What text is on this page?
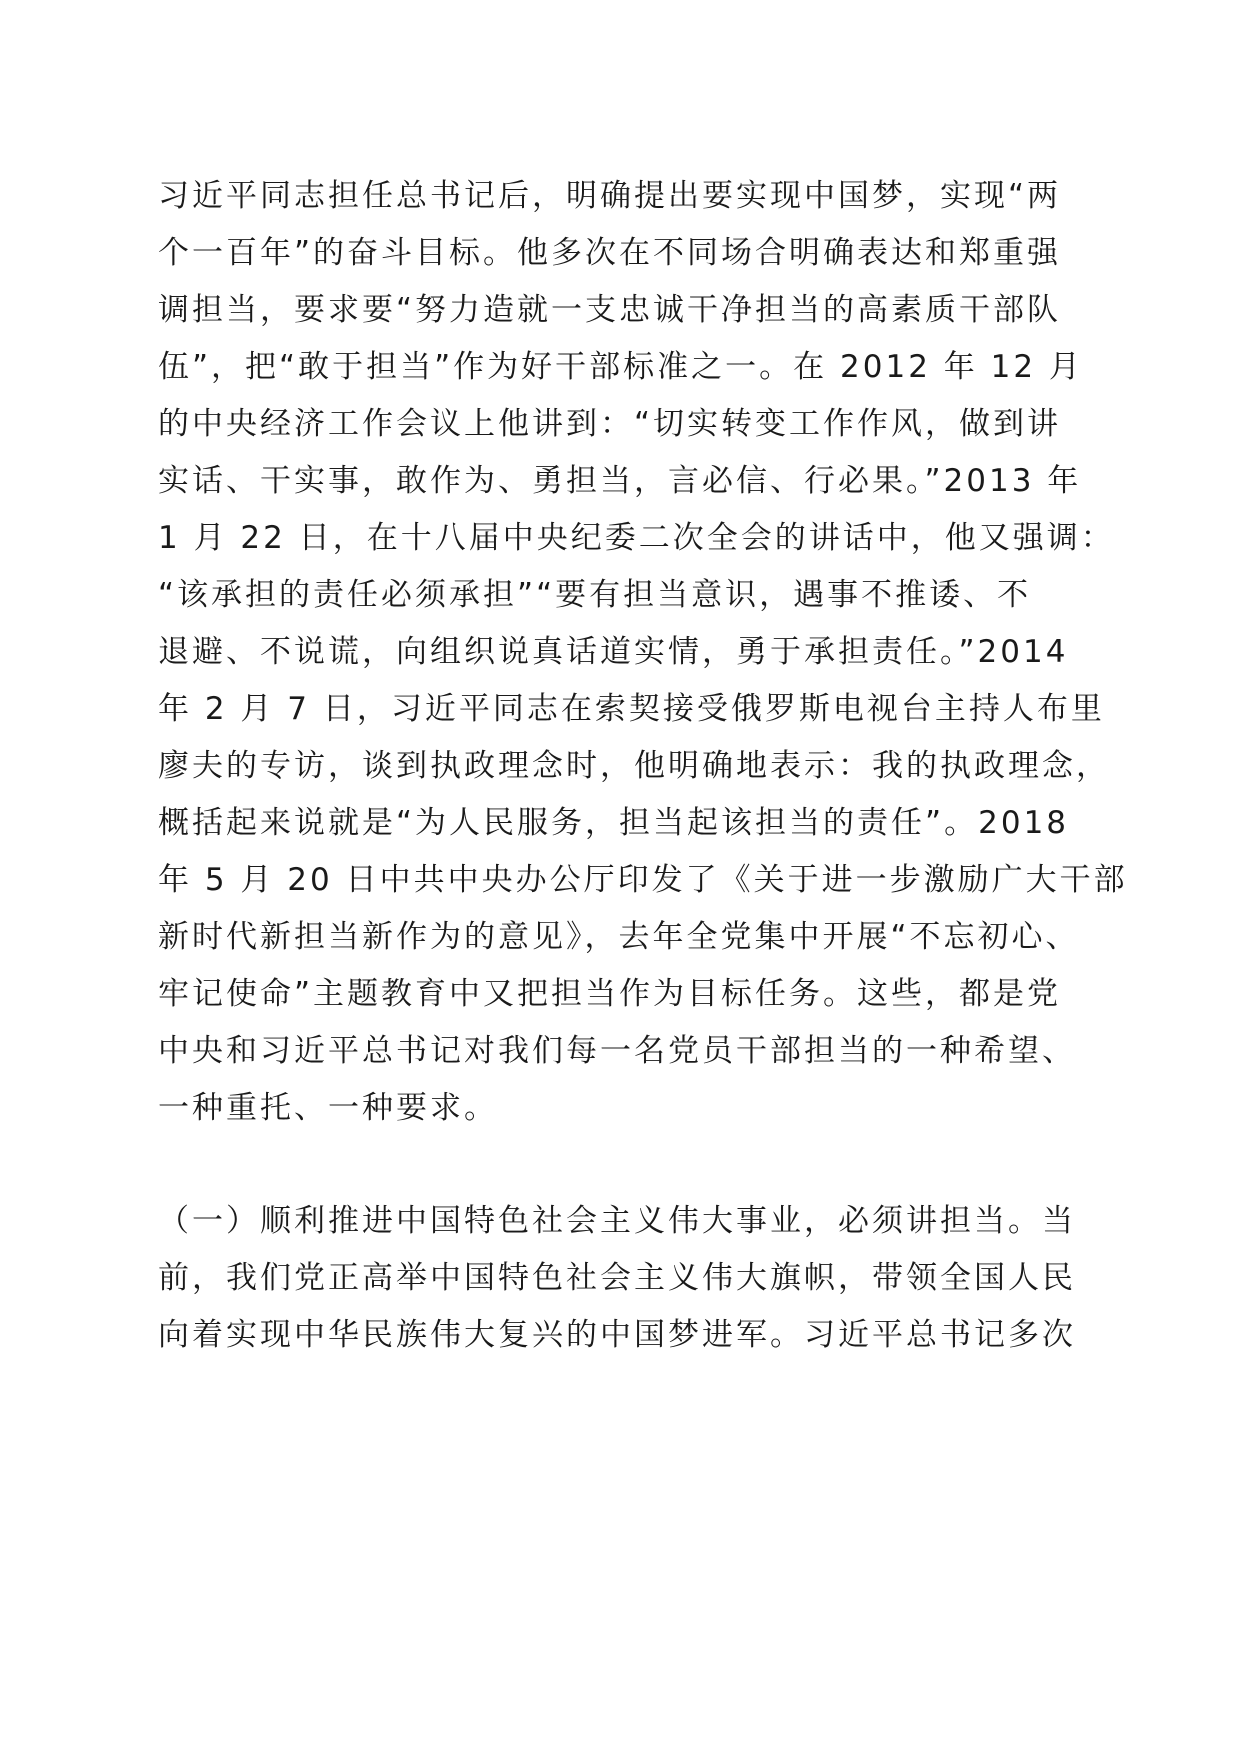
习近平同志担任总书记后，明确提出要实现中国梦，实现“两
个一百年”的奋斗目标。他多次在不同场合明确表达和郑重强
调担当，要求要“努力造就一支忠诚干净担当的高素质干部队
伍”，把“敢于担当”作为好干部标准之一。在 2012 年 12 月
的中央经济工作会议上他讲到：“切实转变工作作风，做到讲
实话、干实事，敢作为、勇担当，言必信、行必果。”2013 年
1 月 22 日，在十八届中央纪委二次全会的讲话中，他又强调：
“该承担的责任必须承担”“要有担当意识，遇事不推诿、不
退避、不说谎，向组织说真话道实情，勇于承担责任。”2014
年 2 月 7 日，习近平同志在索契接受俄罗斯电视台主持人布里
廖夫的专访，谈到执政理念时，他明确地表示：我的执政理念，
概括起来说就是“为人民服务，担当起该担当的责任”。2018
年 5 月 20 日中共中央办公厅印发了《关于进一步激励广大干部
新时代新担当新作为的意见》，去年全党集中开展“不忘初心、
牢记使命”主题教育中又把担当作为目标任务。这些，都是党
中央和习近平总书记对我们每一名党员干部担当的一种希望、
一种重托、一种要求。
（一）顺利推进中国特色社会主义伟大事业，必须讲担当。当
前，我们党正高举中国特色社会主义伟大旗帜，带领全国人民
向着实现中华民族伟大复兴的中国梦进军。习近平总书记多次
